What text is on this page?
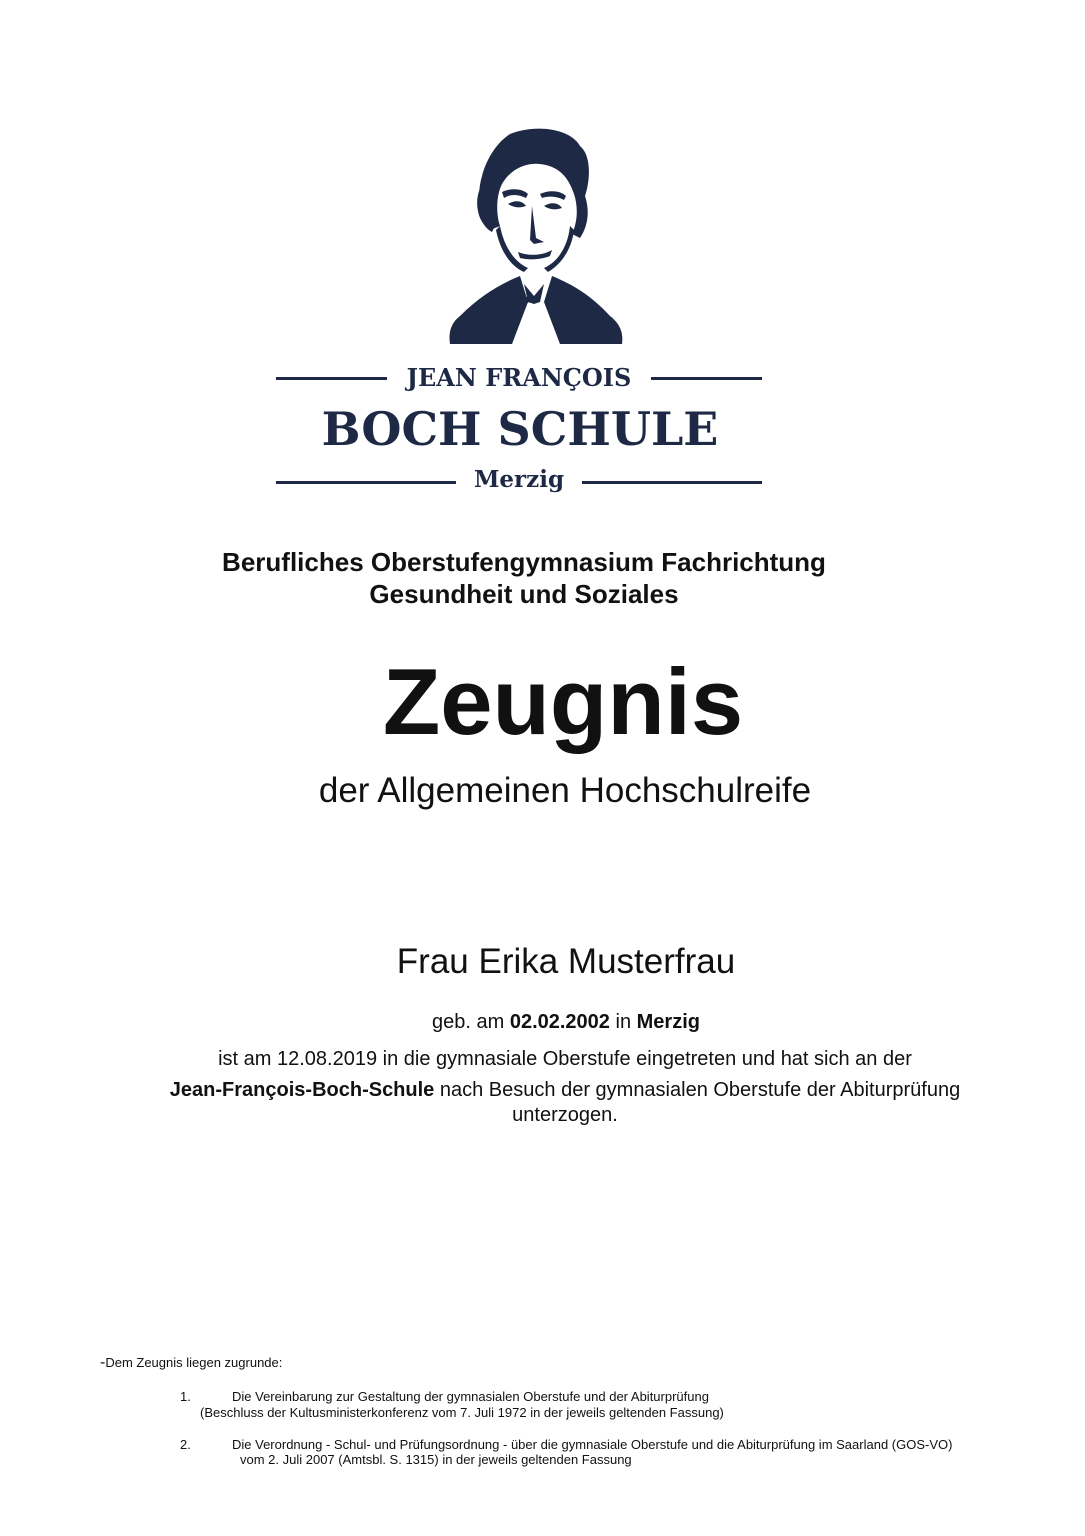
JEAN FRANÇOIS
BOCH SCHULE
Merzig
Berufliches Oberstufengymnasium Fachrichtung
Gesundheit und Soziales
Zeugnis
der Allgemeinen Hochschulreife
Frau Erika Musterfrau
geb. am 02.02.2002 in Merzig
ist am 12.08.2019 in die gymnasiale Oberstufe eingetreten und hat sich an der
Jean-François-Boch-Schule nach Besuch der gymnasialen Oberstufe der Abiturprüfung
unterzogen.
-Dem Zeugnis liegen zugrunde:
1.	Die Vereinbarung zur Gestaltung der gymnasialen Oberstufe und der Abiturprüfung
(Beschluss der Kultusministerkonferenz vom 7. Juli 1972 in der jeweils geltenden Fassung)
2.	Die Verordnung - Schul- und Prüfungsordnung - über die gymnasiale Oberstufe und die Abiturprüfung im Saarland (GOS-VO)
vom 2. Juli 2007 (Amtsbl. S. 1315) in der jeweils geltenden Fassung
